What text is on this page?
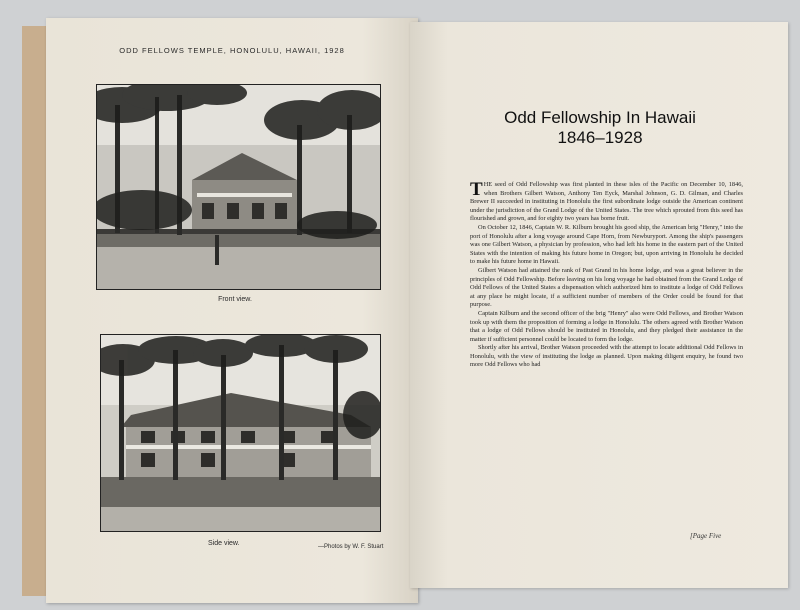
ODD FELLOWS TEMPLE, HONOLULU, HAWAII, 1928
Front view.
Side view.	—Photos by W. F. Stuart
Odd Fellowship In Hawaii
1846–1928

THE seed of Odd Fellowship was first planted in these isles of the Pacific on December 10, 1846, when Brothers Gilbert Watson, Anthony Ten Eyck, Marshal Johnson, G. D. Gilman, and Charles Brewer II succeeded in instituting in Honolulu the first subordinate lodge outside the American continent under the jurisdiction of the Grand Lodge of the United States. The tree which sprouted from this seed has flourished and grown, and for eighty two years has borne fruit.

On October 12, 1846, Captain W. R. Kilburn brought his good ship, the American brig "Henry," into the port of Honolulu after a long voyage around Cape Horn, from Newburyport. Among the ship's passengers was one Gilbert Watson, a physician by profession, who had left his home in the eastern part of the United States with the intention of making his future home in Oregon; but, upon arriving in Honolulu he decided to make his future home in Hawaii.

Gilbert Watson had attained the rank of Past Grand in his home lodge, and was a great believer in the principles of Odd Fellowship. Before leaving on his long voyage he had obtained from the Grand Lodge of Odd Fellows of the United States a dispensation which authorized him to institute a lodge of Odd Fellows at any place he might locate, if a sufficient number of members of the Order could be found for that purpose.

Captain Kilburn and the second officer of the brig "Henry" also were Odd Fellows, and Brother Watson took up with them the proposition of forming a lodge in Honolulu. The others agreed with Brother Watson that a lodge of Odd Fellows should be instituted in Honolulu, and they pledged their assistance in the matter if sufficient personnel could be located to form the lodge.

Shortly after his arrival, Brother Watson proceeded with the attempt to locate additional Odd Fellows in Honolulu, with the view of instituting the lodge as planned. Upon making diligent enquiry, he found two more Odd Fellows who had

[Page Five
